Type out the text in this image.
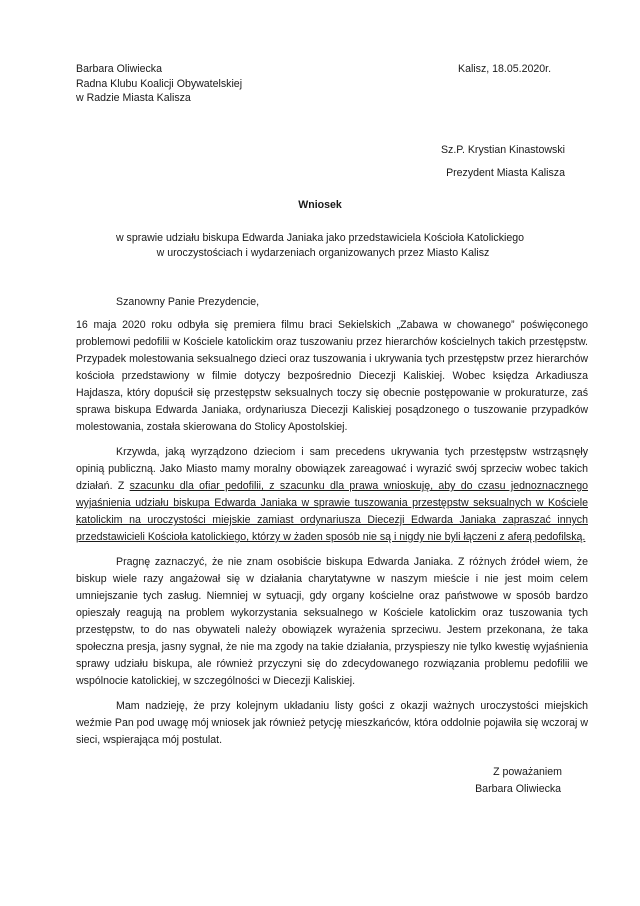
Barbara Oliwiecka
Radna Klubu Koalicji Obywatelskiej
w Radzie Miasta Kalisza
Kalisz, 18.05.2020r.
Sz.P. Krystian Kinastowski
Prezydent Miasta Kalisza
Wniosek
w sprawie udziału biskupa Edwarda Janiaka jako przedstawiciela Kościoła Katolickiego
w uroczystościach i wydarzeniach organizowanych przez Miasto Kalisz
Szanowny Panie Prezydencie,

16 maja 2020 roku odbyła się premiera filmu braci Sekielskich „Zabawa w chowanego” poświęconego problemowi pedofilii w Kościele katolickim oraz tuszowaniu przez hierarchów kościelnych takich przestępstw. Przypadek molestowania seksualnego dzieci oraz tuszowania i ukrywania tych przestępstw przez hierarchów kościoła przedstawiony w filmie dotyczy bezpośrednio Diecezji Kaliskiej. Wobec księdza Arkadiusza Hajdasza, który dopuścił się przestępstw seksualnych toczy się obecnie postępowanie w prokuraturze, zaś sprawa biskupa Edwarda Janiaka, ordynariusza Diecezji Kaliskiej posądzonego o tuszowanie przypadków molestowania, została skierowana do Stolicy Apostolskiej.

Krzywda, jaką wyrządzono dzieciom i sam precedens ukrywania tych przestępstw wstrząsnęły opinią publiczną. Jako Miasto mamy moralny obowiązek zareagować i wyrazić swój sprzeciw wobec takich działań. Z szacunku dla ofiar pedofilii, z szacunku dla prawa wnioskuję, aby do czasu jednoznacznego wyjaśnienia udziału biskupa Edwarda Janiaka w sprawie tuszowania przestępstw seksualnych w Kościele katolickim na uroczystości miejskie zamiast ordynariusza Diecezji Edwarda Janiaka zapraszać innych przedstawicieli Kościoła katolickiego, którzy w żaden sposób nie są i nigdy nie byli łączeni z aferą pedofilską.

Pragnę zaznaczyć, że nie znam osobiście biskupa Edwarda Janiaka. Z różnych źródeł wiem, że biskup wiele razy angażował się w działania charytatywne w naszym mieście i nie jest moim celem umniejszanie tych zasług. Niemniej w sytuacji, gdy organy kościelne oraz państwowe w sposób bardzo opieszały reagują na problem wykorzystania seksualnego w Kościele katolickim oraz tuszowania tych przestępstw, to do nas obywateli należy obowiązek wyrażenia sprzeciwu. Jestem przekonana, że taka społeczna presja, jasny sygnał, że nie ma zgody na takie działania, przyspieszy nie tylko kwestię wyjaśnienia sprawy udziału biskupa, ale również przyczyni się do zdecydowanego rozwiązania problemu pedofilii we wspólnocie katolickiej, w szczególności w Diecezji Kaliskiej.

Mam nadzieję, że przy kolejnym układaniu listy gości z okazji ważnych uroczystości miejskich weźmie Pan pod uwagę mój wniosek jak również petycję mieszkańców, która oddolnie pojawiła się wczoraj w sieci, wspierająca mój postulat.

Z poważaniem
Barbara Oliwiecka
